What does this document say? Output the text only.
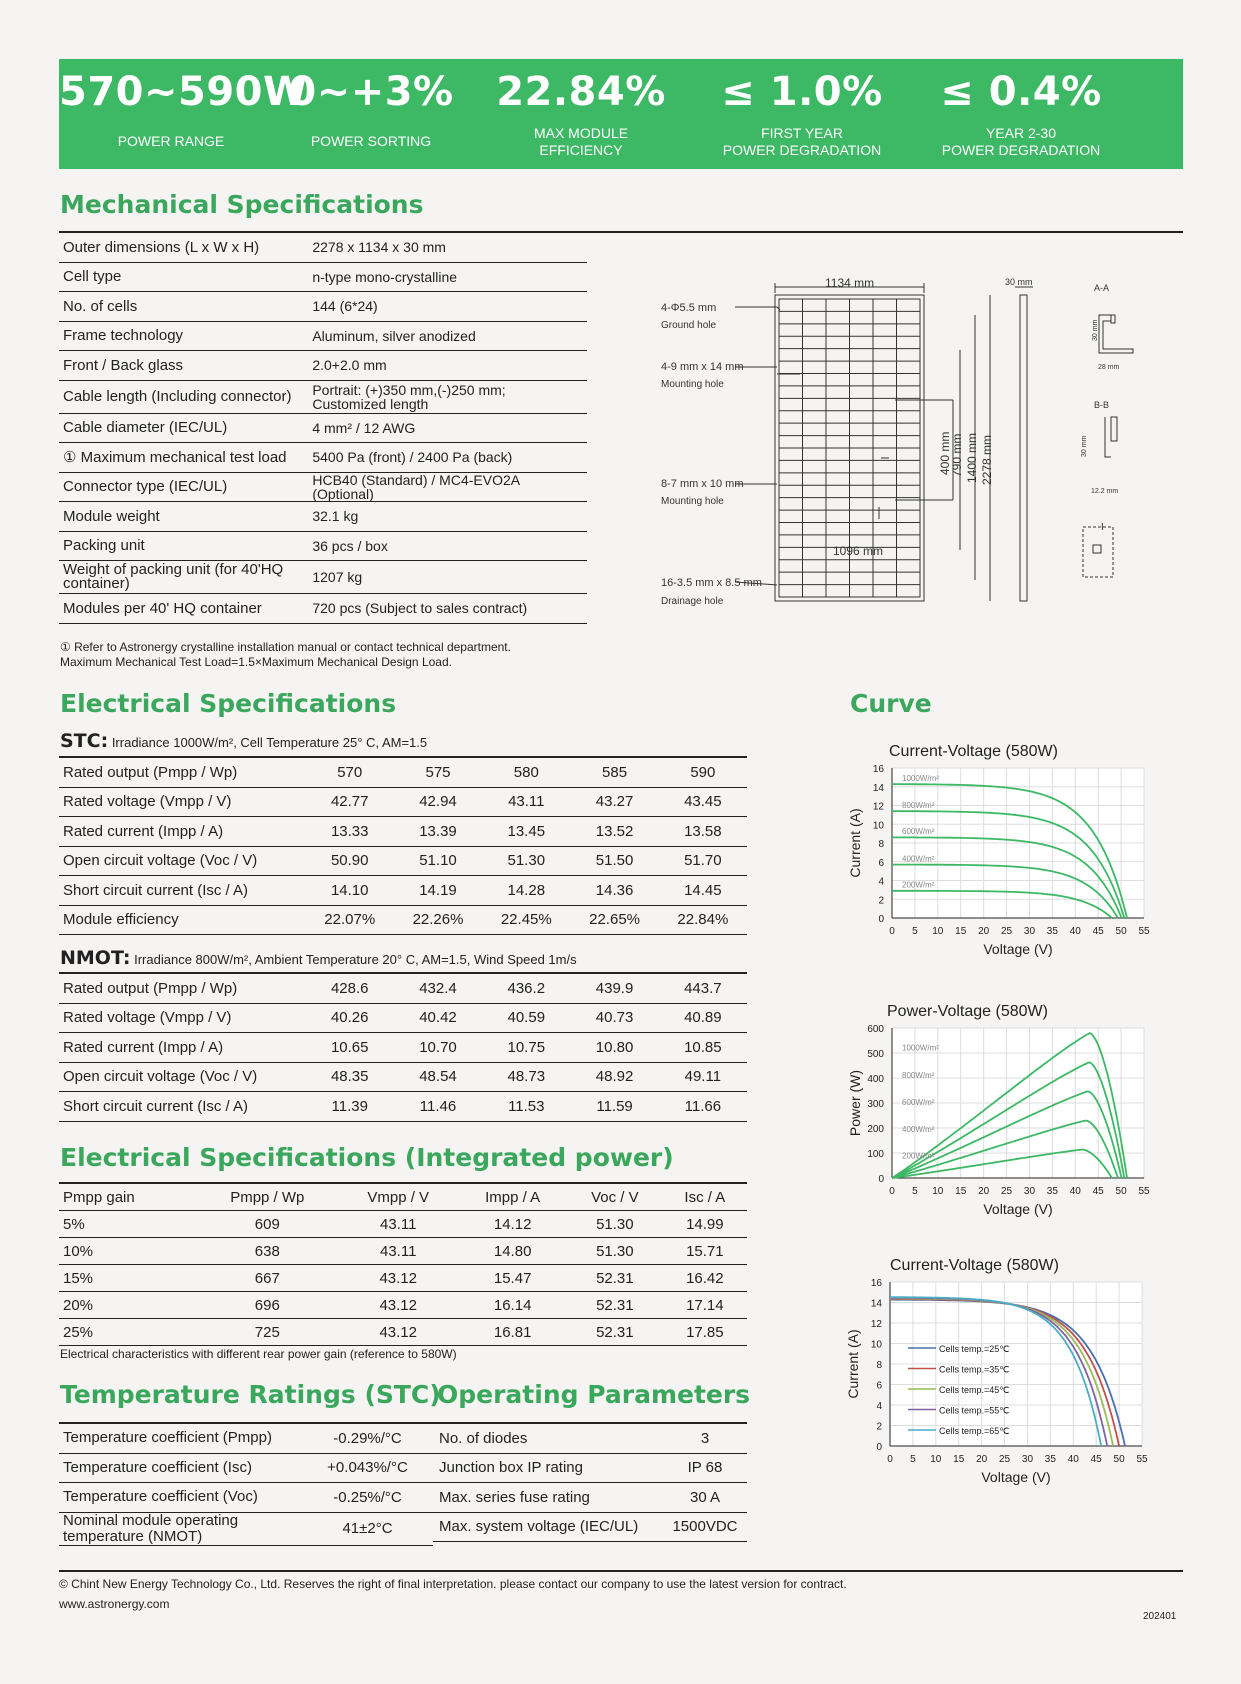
570~590W
POWER RANGE
0~+3%
POWER SORTING
22.84%
MAX MODULE
EFFICIENCY
≤ 1.0%
FIRST YEAR
POWER DEGRADATION
≤ 0.4%
YEAR 2-30
POWER DEGRADATION
Mechanical Specifications
Outer dimensions (L x W x H)	2278 x 1134 x 30 mm
Cell type	n-type mono-crystalline
No. of cells	144 (6*24)
Frame technology	Aluminum, silver anodized
Front / Back glass	2.0+2.0 mm
Cable length (Including connector)	Portrait: (+)350 mm,(-)250 mm;
Customized length
Cable diameter (IEC/UL)	4 mm² / 12 AWG
① Maximum mechanical test load	5400 Pa (front) / 2400 Pa (back)
Connector type (IEC/UL)	HCB40 (Standard) / MC4-EVO2A (Optional)
Module weight	32.1 kg
Packing unit	36 pcs / box
Weight of packing unit (for 40'HQ container)	1207 kg
Modules per 40' HQ container	720 pcs (Subject to sales contract)
① Refer to Astronergy crystalline installation manual or contact technical department.
Maximum Mechanical Test Load=1.5×Maximum Mechanical Design Load.
1134 mm	30 mm
A-A
B-B
I
4-Φ5.5 mm
Ground hole
4-9 mm x 14 mm
Mounting hole
8-7 mm x 10 mm
Mounting hole
16-3.5 mm x 8.5 mm
Drainage hole
1096 mm
400 mm
790 mm 1400 mm 2278 mm
28 mm
30 mm
12.2 mm
30 mm
Electrical Specifications
STC: Irradiance 1000W/m², Cell Temperature 25° C, AM=1.5
Rated output (Pmpp / Wp)	570	575	580	585	590
Rated voltage (Vmpp / V)	42.77	42.94	43.11	43.27	43.45
Rated current (Impp / A)	13.33	13.39	13.45	13.52	13.58
Open circuit voltage (Voc / V)	50.90	51.10	51.30	51.50	51.70
Short circuit current (Isc / A)	14.10	14.19	14.28	14.36	14.45
Module efficiency	22.07%	22.26%	22.45%	22.65%	22.84%
NMOT: Irradiance 800W/m², Ambient Temperature 20° C, AM=1.5, Wind Speed 1m/s
Rated output (Pmpp / Wp)	428.6	432.4	436.2	439.9	443.7
Rated voltage (Vmpp / V)	40.26	40.42	40.59	40.73	40.89
Rated current (Impp / A)	10.65	10.70	10.75	10.80	10.85
Open circuit voltage (Voc / V)	48.35	48.54	48.73	48.92	49.11
Short circuit current (Isc / A)	11.39	11.46	11.53	11.59	11.66
Electrical Specifications (Integrated power)
Pmpp gain	Pmpp / Wp	Vmpp / V	Impp / A	Voc / V	Isc / A
5%	609	43.11	14.12	51.30	14.99
10%	638	43.11	14.80	51.30	15.71
15%	667	43.12	15.47	52.31	16.42
20%	696	43.12	16.14	52.31	17.14
25%	725	43.12	16.81	52.31	17.85
Electrical characteristics with different rear power gain (reference to 580W)
Temperature Ratings (STC)
Operating Parameters
Temperature coefficient (Pmpp)	-0.29%/°C
Temperature coefficient (Isc)	+0.043%/°C
Temperature coefficient (Voc)	-0.25%/°C
Nominal module operating temperature (NMOT)	41±2°C
No. of diodes	3
Junction box IP rating	IP 68
Max. series fuse rating	30 A
Max. system voltage (IEC/UL)	1500VDC
Curve
Current-Voltage (580W)
0
2
4
6
8
10
12
14
16
0 5 10 15 20 25 30 35 40 45 50 55
Voltage (V)
Current (A)
1000W/m²
800W/m²
600W/m²
400W/m²
200W/m²
Power-Voltage (580W)
0
100
200
300
400
500
600
0 5 10 15 20 25 30 35 40 45 50 55
Voltage (V)
Power (W)
1000W/m²
800W/m²
600W/m²
400W/m²
200W/m²
Current-Voltage (580W)
0
2
4
6
8
10
12
14
16
0 5 10 15 20 25 30 35 40 45 50 55
Voltage (V)
Current (A)	Cells temp.=25℃
Cells temp.=35℃
Cells temp.=45℃
Cells temp.=55℃
Cells temp.=65℃
© Chint New Energy Technology Co., Ltd. Reserves the right of final interpretation. please contact our company to use the latest version for contract.
www.astronergy.com
202401
